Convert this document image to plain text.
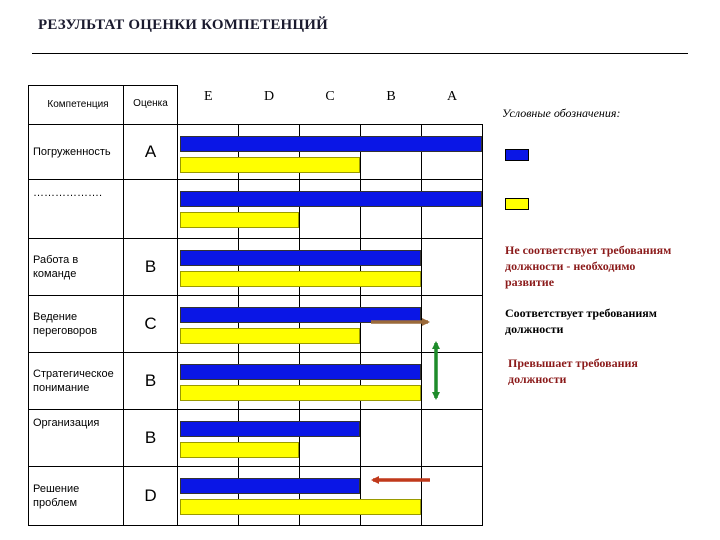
РЕЗУЛЬТАТ ОЦЕНКИ КОМПЕТЕНЦИЙ
Компетенция	Оценка	E	D	C	B	A
Погруженность	A					
……………….						
Работа в команде	B					
Ведение переговоров	C					
Стратегическое понимание	B					
Организация	B					
Решение проблем	D					
Условные обозначения:
Не соответствует требованиям должности - необходимо развитие
Соответствует требованиям должности
Превышает требования должности
